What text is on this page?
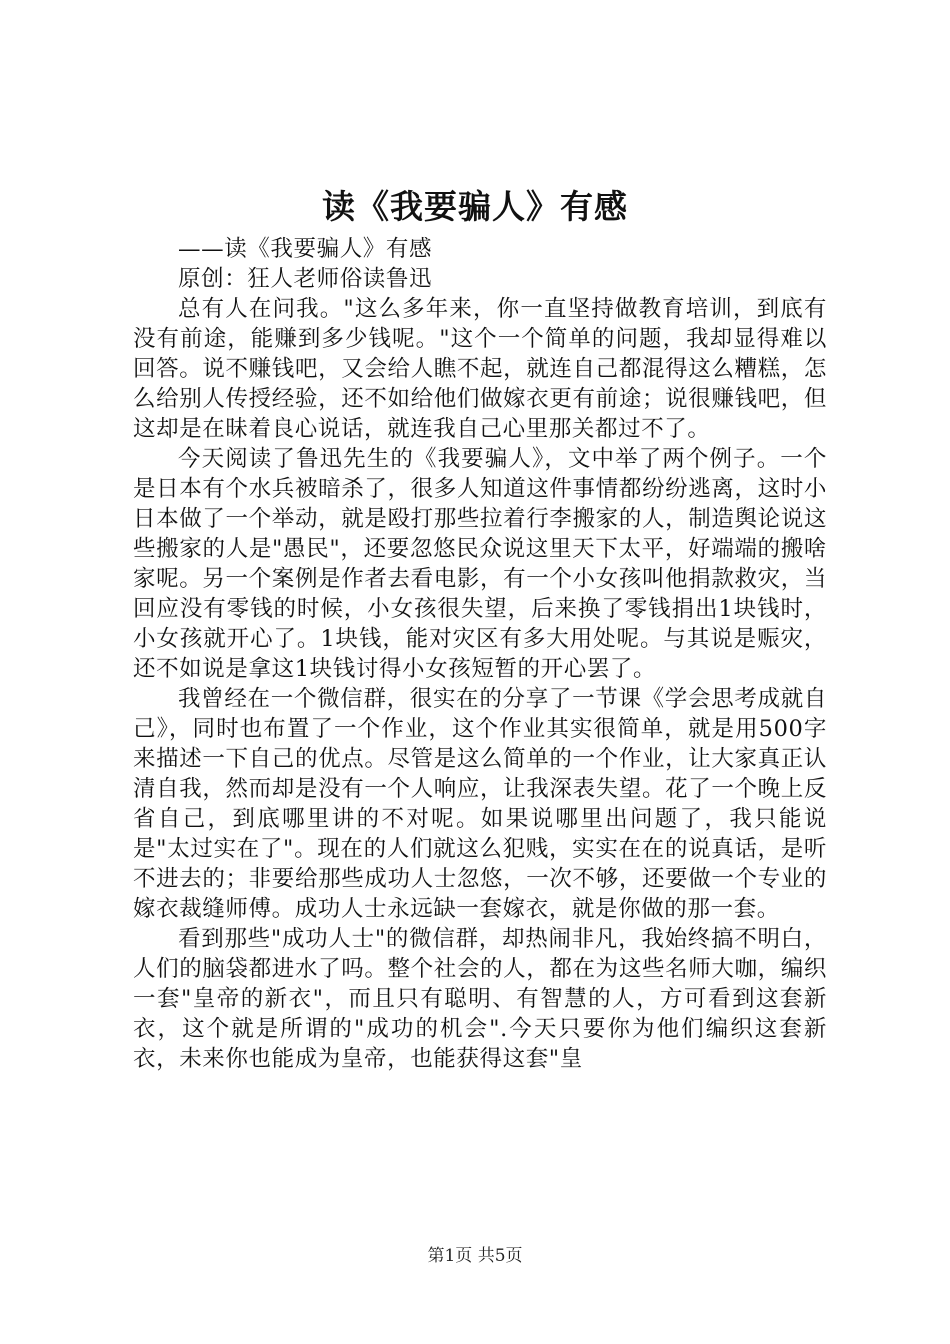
读《我要骗人》有感

——读《我要骗人》有感

原创：狂人老师俗读鲁迅

总有人在问我。"这么多年来，你一直坚持做教育培训，到底有没有前途，能赚到多少钱呢。"这个一个简单的问题，我却显得难以回答。说不赚钱吧，又会给人瞧不起，就连自己都混得这么糟糕，怎么给别人传授经验，还不如给他们做嫁衣更有前途；说很赚钱吧，但这却是在昧着良心说话，就连我自己心里那关都过不了。

今天阅读了鲁迅先生的《我要骗人》，文中举了两个例子。一个是日本有个水兵被暗杀了，很多人知道这件事情都纷纷逃离，这时小日本做了一个举动，就是殴打那些拉着行李搬家的人，制造舆论说这些搬家的人是"愚民"，还要忽悠民众说这里天下太平，好端端的搬啥家呢。另一个案例是作者去看电影，有一个小女孩叫他捐款救灾，当回应没有零钱的时候，小女孩很失望，后来换了零钱捐出1块钱时，小女孩就开心了。1块钱，能对灾区有多大用处呢。与其说是赈灾，还不如说是拿这1块钱讨得小女孩短暂的开心罢了。

我曾经在一个微信群，很实在的分享了一节课《学会思考成就自己》，同时也布置了一个作业，这个作业其实很简单，就是用500字来描述一下自己的优点。尽管是这么简单的一个作业，让大家真正认清自我，然而却是没有一个人响应，让我深表失望。花了一个晚上反省自己，到底哪里讲的不对呢。如果说哪里出问题了，我只能说是"太过实在了"。现在的人们就这么犯贱，实实在在的说真话，是听不进去的；非要给那些成功人士忽悠，一次不够，还要做一个专业的嫁衣裁缝师傅。成功人士永远缺一套嫁衣，就是你做的那一套。

看到那些"成功人士"的微信群，却热闹非凡，我始终搞不明白，人们的脑袋都进水了吗。整个社会的人，都在为这些名师大咖，编织一套"皇帝的新衣"，而且只有聪明、有智慧的人，方可看到这套新衣，这个就是所谓的"成功的机会".今天只要你为他们编织这套新衣，未来你也能成为皇帝，也能获得这套"皇

第1页 共5页
